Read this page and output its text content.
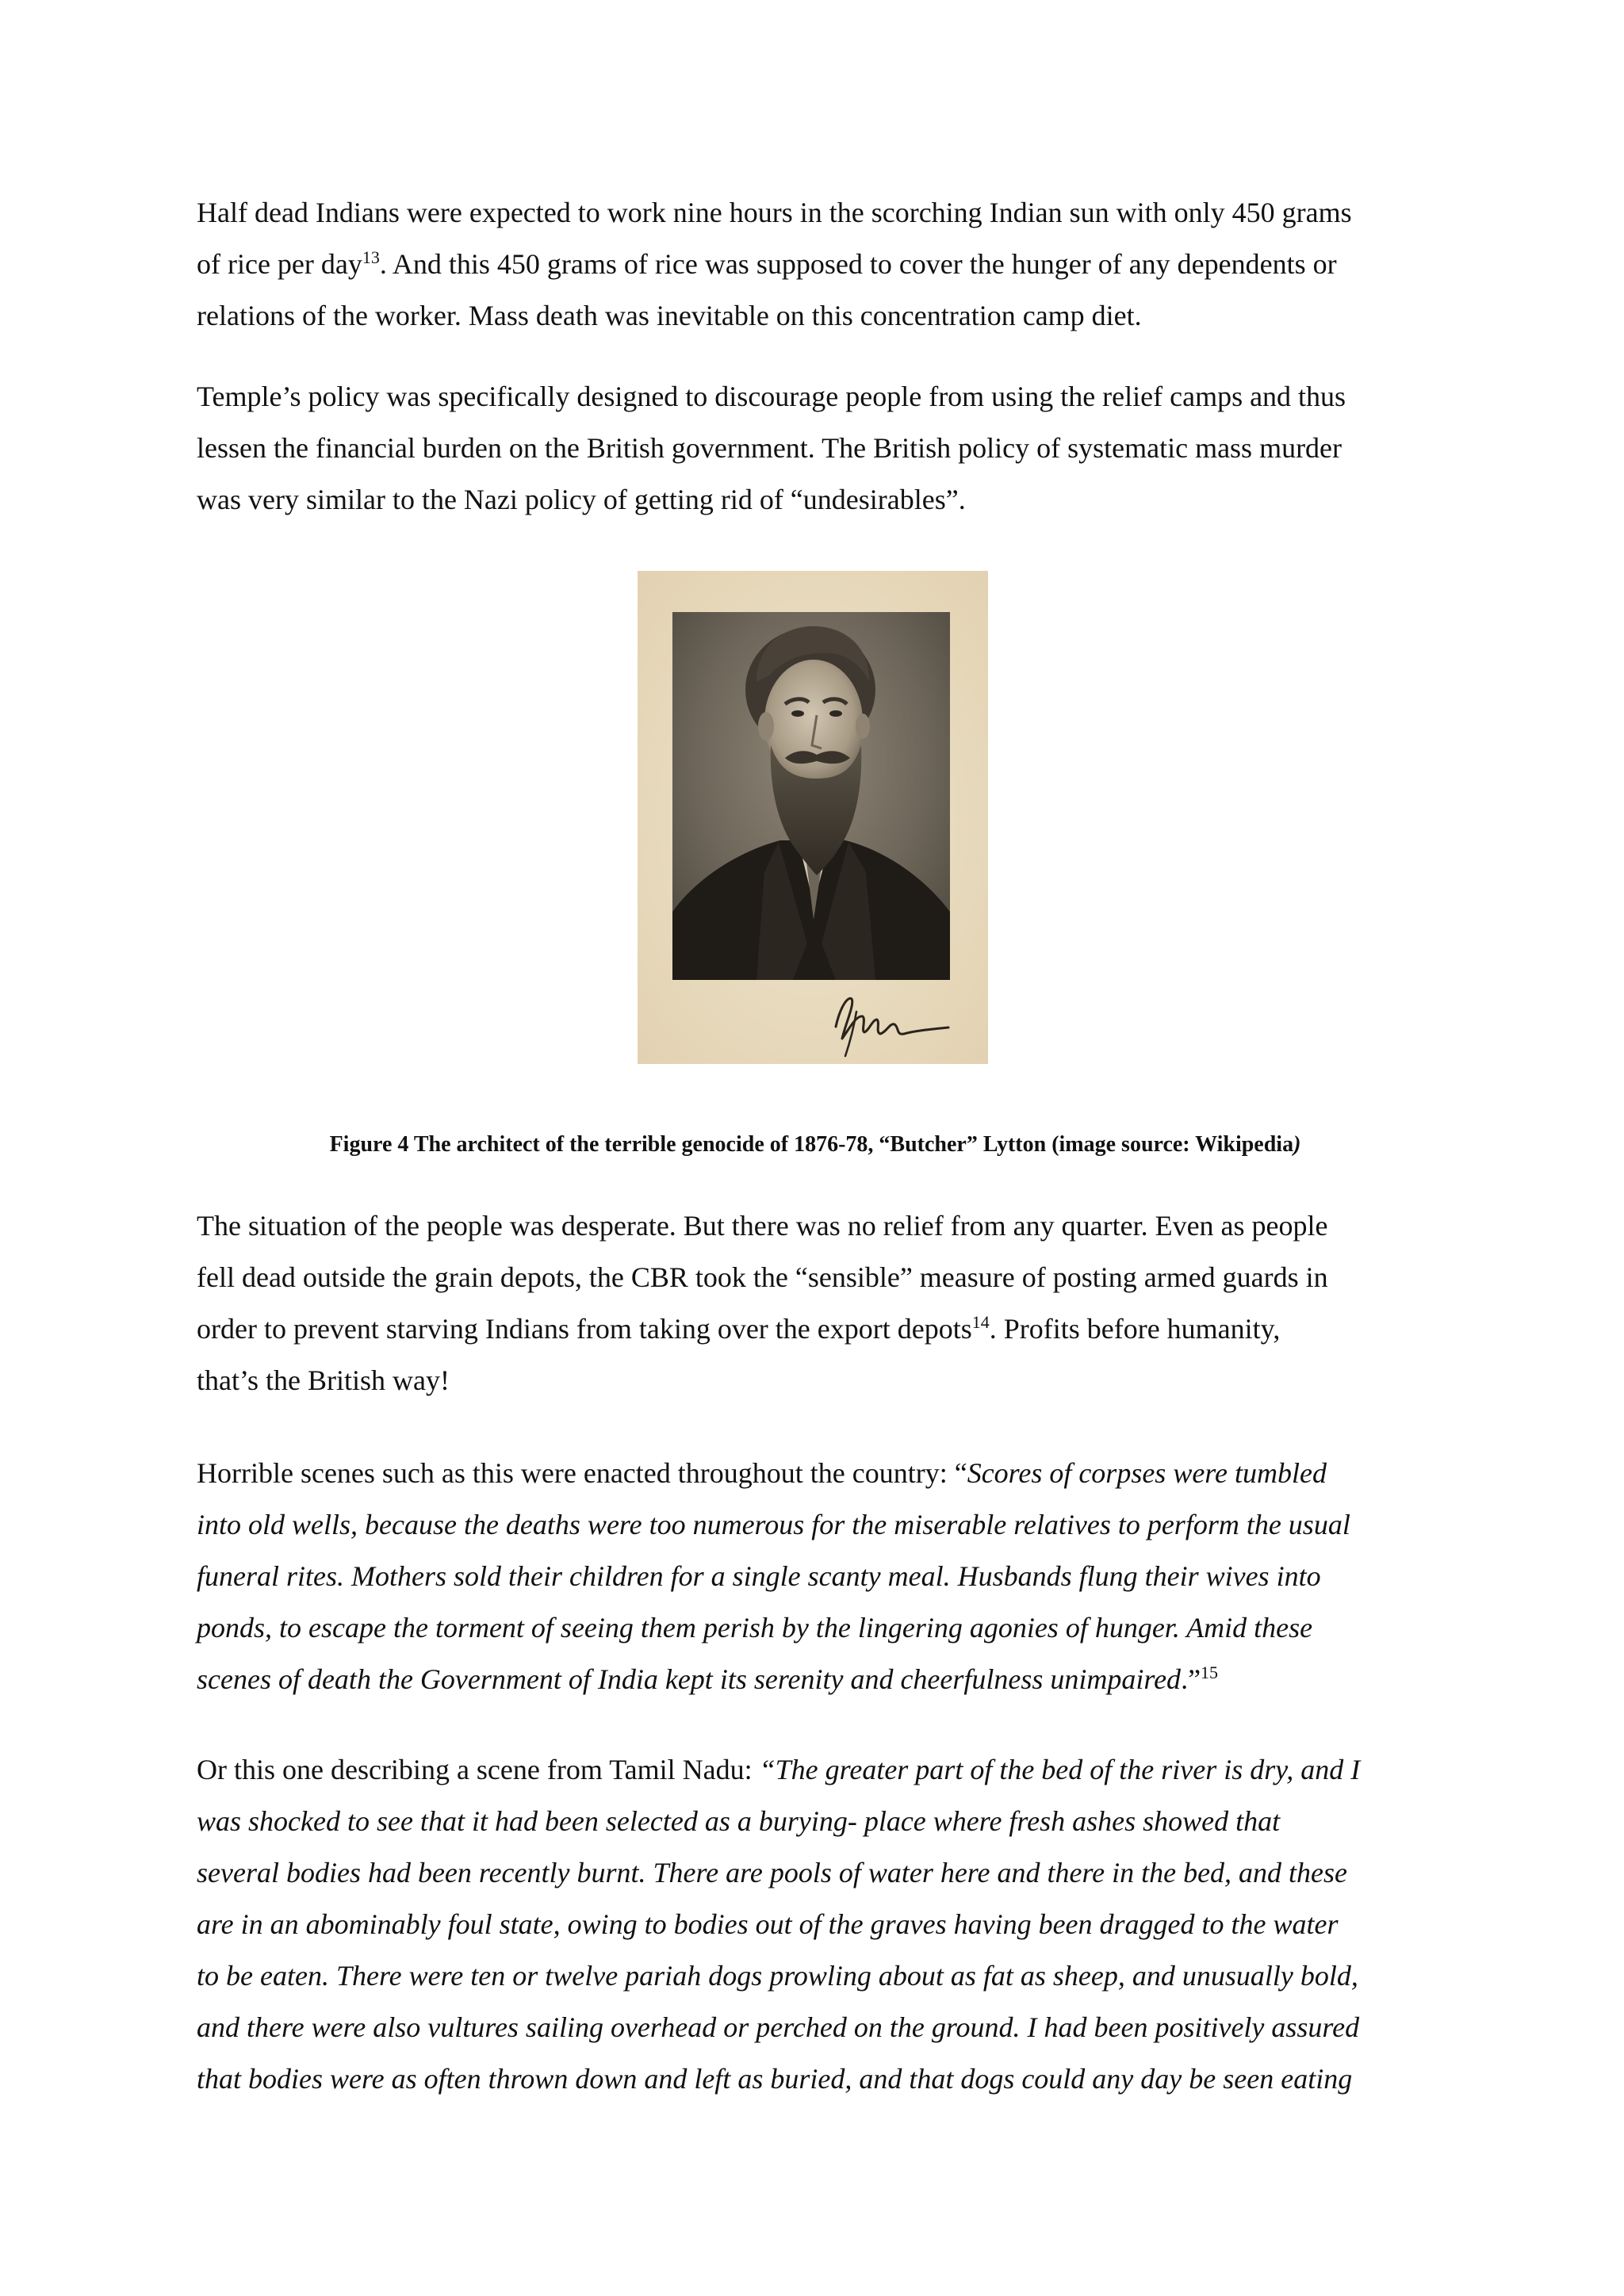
Half dead Indians were expected to work nine hours in the scorching Indian sun with only 450 grams
of rice per day$^{13}$. And this 450 grams of rice was supposed to cover the hunger of any dependents or
relations of the worker. Mass death was inevitable on this concentration camp diet.

Temple’s policy was specifically designed to discourage people from using the relief camps and thus
lessen the financial burden on the British government. The British policy of systematic mass murder
was very similar to the Nazi policy of getting rid of “undesirables”.

Figure 4 The architect of the terrible genocide of 1876-78, “Butcher” Lytton (image source: Wikipedia)

The situation of the people was desperate. But there was no relief from any quarter. Even as people
fell dead outside the grain depots, the CBR took the “sensible” measure of posting armed guards in
order to prevent starving Indians from taking over the export depots$^{14}$. Profits before humanity,
that’s the British way!

Horrible scenes such as this were enacted throughout the country: “Scores of corpses were tumbled
into old wells, because the deaths were too numerous for the miserable relatives to perform the usual
funeral rites. Mothers sold their children for a single scanty meal. Husbands flung their wives into
ponds, to escape the torment of seeing them perish by the lingering agonies of hunger. Amid these
scenes of death the Government of India kept its serenity and cheerfulness unimpaired.”$^{15}$

Or this one describing a scene from Tamil Nadu: “The greater part of the bed of the river is dry, and I
was shocked to see that it had been selected as a burying- place where fresh ashes showed that
several bodies had been recently burnt. There are pools of water here and there in the bed, and these
are in an abominably foul state, owing to bodies out of the graves having been dragged to the water
to be eaten. There were ten or twelve pariah dogs prowling about as fat as sheep, and unusually bold,
and there were also vultures sailing overhead or perched on the ground. I had been positively assured
that bodies were as often thrown down and left as buried, and that dogs could any day be seen eating
